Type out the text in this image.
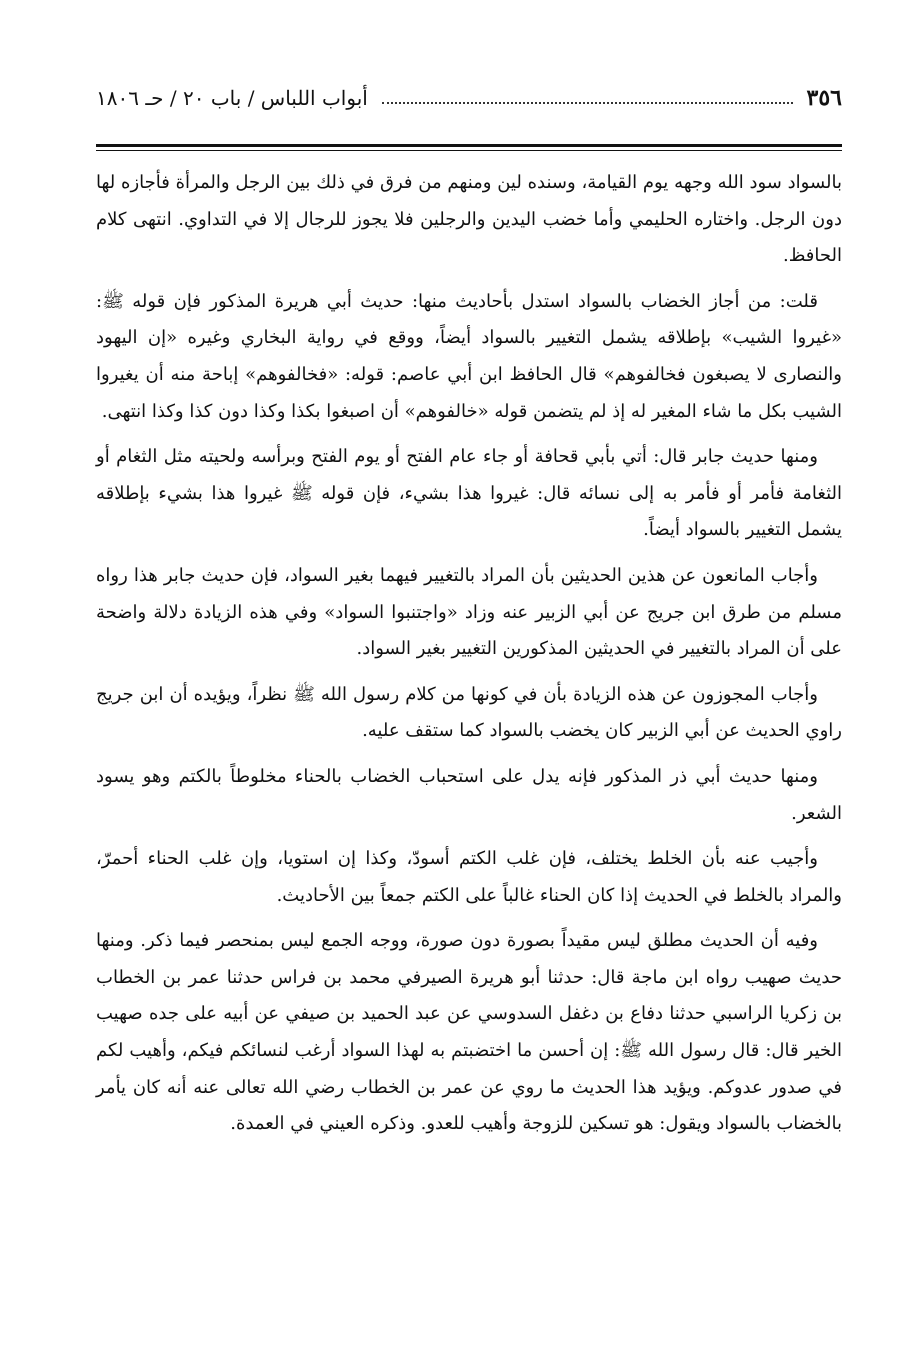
٣٥٦
أبواب اللباس / باب ٢٠ / حـ ١٨٠٦

بالسواد سود الله وجهه يوم القيامة، وسنده لين ومنهم من فرق في ذلك بين الرجل والمرأة فأجازه لها دون الرجل. واختاره الحليمي وأما خضب اليدين والرجلين فلا يجوز للرجال إلا في التداوي. انتهى كلام الحافظ.

قلت: من أجاز الخضاب بالسواد استدل بأحاديث منها: حديث أبي هريرة المذكور فإن قوله ﷺ: «غيروا الشيب» بإطلاقه يشمل التغيير بالسواد أيضاً، ووقع في رواية البخاري وغيره «إن اليهود والنصارى لا يصبغون فخالفوهم» قال الحافظ ابن أبي عاصم: قوله: «فخالفوهم» إباحة منه أن يغيروا الشيب بكل ما شاء المغير له إذ لم يتضمن قوله «خالفوهم» أن اصبغوا بكذا وكذا دون كذا وكذا انتهى.

ومنها حديث جابر قال: أتي بأبي قحافة أو جاء عام الفتح أو يوم الفتح وبرأسه ولحيته مثل الثغام أو الثغامة فأمر أو فأمر به إلى نسائه قال: غيروا هذا بشيء، فإن قوله ﷺ غيروا هذا بشيء بإطلاقه يشمل التغيير بالسواد أيضاً.

وأجاب المانعون عن هذين الحديثين بأن المراد بالتغيير فيهما بغير السواد، فإن حديث جابر هذا رواه مسلم من طرق ابن جريج عن أبي الزبير عنه وزاد «واجتنبوا السواد» وفي هذه الزيادة دلالة واضحة على أن المراد بالتغيير في الحديثين المذكورين التغيير بغير السواد.

وأجاب المجوزون عن هذه الزيادة بأن في كونها من كلام رسول الله ﷺ نظراً، ويؤيده أن ابن جريج راوي الحديث عن أبي الزبير كان يخضب بالسواد كما ستقف عليه.

ومنها حديث أبي ذر المذكور فإنه يدل على استحباب الخضاب بالحناء مخلوطاً بالكتم وهو يسود الشعر.

وأجيب عنه بأن الخلط يختلف، فإن غلب الكتم أسودّ، وكذا إن استويا، وإن غلب الحناء أحمرّ، والمراد بالخلط في الحديث إذا كان الحناء غالباً على الكتم جمعاً بين الأحاديث.

وفيه أن الحديث مطلق ليس مقيداً بصورة دون صورة، ووجه الجمع ليس بمنحصر فيما ذكر. ومنها حديث صهيب رواه ابن ماجة قال: حدثنا أبو هريرة الصيرفي محمد بن فراس حدثنا عمر بن الخطاب بن زكريا الراسبي حدثنا دفاع بن دغفل السدوسي عن عبد الحميد بن صيفي عن أبيه على جده صهيب الخير قال: قال رسول الله ﷺ: إن أحسن ما اختضبتم به لهذا السواد أرغب لنسائكم فيكم، وأهيب لكم في صدور عدوكم. ويؤيد هذا الحديث ما روي عن عمر بن الخطاب رضي الله تعالى عنه أنه كان يأمر بالخضاب بالسواد ويقول: هو تسكين للزوجة وأهيب للعدو. وذكره العيني في العمدة.
